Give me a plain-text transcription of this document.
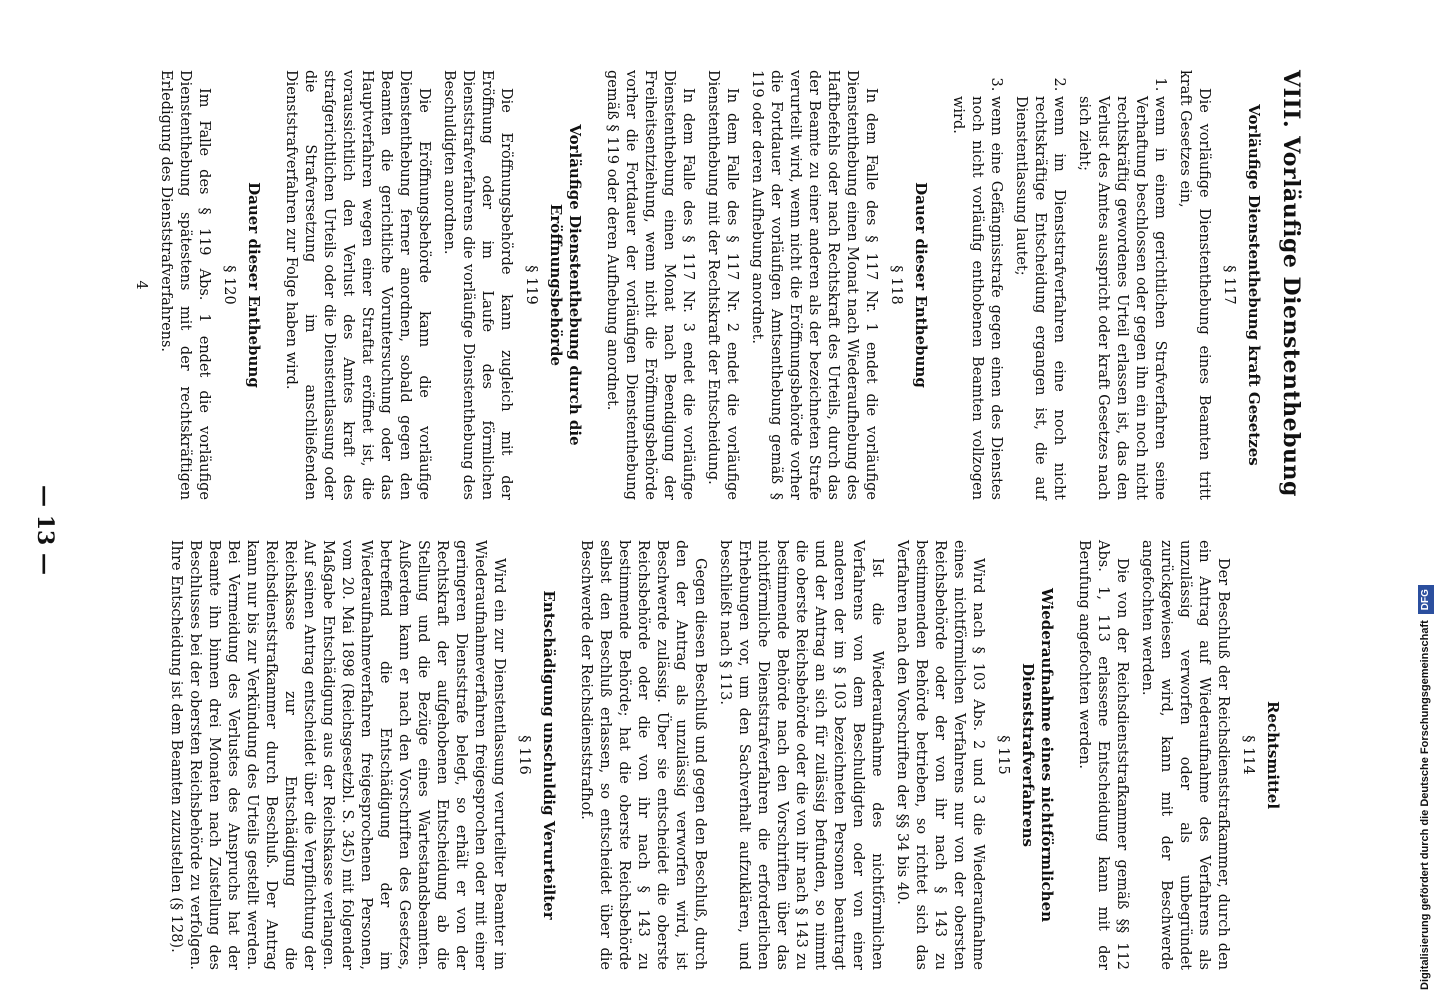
— 13 —
Rechtsmittel
§ 114

Der Beschluß der Reichsdienststrafkammer, durch den ein Antrag auf Wiederaufnahme des Verfahrens als unzulässig verworfen oder als unbegründet zurückgewiesen wird, kann mit der Beschwerde angefochten werden.

Die von der Reichsdienststrafkammer gemäß §§ 112 Abs. 1, 113 erlassene Entscheidung kann mit der Berufung angefochten werden.

Wiederaufnahme eines nichtförmlichen Dienststrafverfahrens
§ 115

Wird nach § 103 Abs. 2 und 3 die Wiederaufnahme eines nichtförmlichen Verfahrens nur von der obersten Reichsbehörde oder der von ihr nach § 143 zu bestimmenden Behörde betrieben, so richtet sich das Verfahren nach den Vorschriften der §§ 34 bis 40.

Ist die Wiederaufnahme des nichtförmlichen Verfahrens von dem Beschuldigten oder von einer anderen der im § 103 bezeichneten Personen beantragt und der Antrag an sich für zulässig befunden, so nimmt die oberste Reichsbehörde oder die von ihr nach § 143 zu bestimmende Behörde nach den Vorschriften über das nichtförmliche Dienststrafverfahren die erforderlichen Erhebungen vor, um den Sachverhalt aufzuklären, und beschließt nach § 113.

Gegen diesen Beschluß und gegen den Beschluß, durch den der Antrag als unzulässig verworfen wird, ist Beschwerde zulässig. Über sie entscheidet die oberste Reichsbehörde oder die von ihr nach § 143 zu bestimmende Behörde; hat die oberste Reichsbehörde selbst den Beschluß erlassen, so entscheidet über die Beschwerde der Reichsdienststrafhof.

Entschädigung unschuldig Verurteilter
§ 116

Wird ein zur Dienstentlassung verurteilter Beamter im Wiederaufnahmeverfahren freigesprochen oder mit einer geringeren Dienststrafe belegt, so erhält er von der Rechtskraft der aufgehobenen Entscheidung ab die Stellung und die Bezüge eines Wartestandsbeamten. Außerdem kann er nach den Vorschriften des Gesetzes, betreffend die Entschädigung der im Wiederaufnahmeverfahren freigesprochenen Personen, vom 20. Mai 1898 (Reichsgesetzbl. S. 345) mit folgender Maßgabe Entschädigung aus der Reichskasse verlangen. Auf seinen Antrag entscheidet über die Verpflichtung der Reichskasse zur Entschädigung die Reichsdienststrafkammer durch Beschluß. Der Antrag kann nur bis zur Verkündung des Urteils gestellt werden. Bei Vermeidung des Verlustes des Anspruchs hat der Beamte ihn binnen drei Monaten nach Zustellung des Beschlusses bei der obersten Reichsbehörde zu verfolgen. Ihre Entscheidung ist dem Beamten zuzustellen (§ 128).

VIII. Vorläufige Dienstenthebung
Vorläufige Dienstenthebung kraft Gesetzes
§ 117

Die vorläufige Dienstenthebung eines Beamten tritt kraft Gesetzes ein,

1. wenn in einem gerichtlichen Strafverfahren seine Verhaftung beschlossen oder gegen ihn ein noch nicht rechtskräftig gewordenes Urteil erlassen ist, das den Verlust des Amtes ausspricht oder kraft Gesetzes nach sich zieht;
2. wenn im Dienststrafverfahren eine noch nicht rechtskräftige Entscheidung ergangen ist, die auf Dienstentlassung lautet;
3. wenn eine Gefängnisstrafe gegen einen des Dienstes noch nicht vorläufig enthobenen Beamten vollzogen wird.
Dauer dieser Enthebung
§ 118

In dem Falle des § 117 Nr. 1 endet die vorläufige Dienstenthebung einen Monat nach Wiederaufhebung des Haftbefehls oder nach Rechtskraft des Urteils, durch das der Beamte zu einer anderen als der bezeichneten Strafe verurteilt wird, wenn nicht die Eröffnungsbehörde vorher die Fortdauer der vorläufigen Amtsenthebung gemäß § 119 oder deren Aufhebung anordnet.

In dem Falle des § 117 Nr. 2 endet die vorläufige Dienstenthebung mit der Rechtskraft der Entscheidung.

In dem Falle des § 117 Nr. 3 endet die vorläufige Dienstenthebung einen Monat nach Beendigung der Freiheitsentziehung, wenn nicht die Eröffnungsbehörde vorher die Fortdauer der vorläufigen Dienstenthebung gemäß § 119 oder deren Aufhebung anordnet.

Vorläufige Dienstenthebung durch die Eröffnungsbehörde
§ 119

Die Eröffnungsbehörde kann zugleich mit der Eröffnung oder im Laufe des förmlichen Dienststrafverfahrens die vorläufige Dienstenthebung des Beschuldigten anordnen.

Die Eröffnungsbehörde kann die vorläufige Dienstenthebung ferner anordnen, sobald gegen den Beamten die gerichtliche Voruntersuchung oder das Hauptverfahren wegen einer Straftat eröffnet ist, die voraussichtlich den Verlust des Amtes kraft des strafgerichtlichen Urteils oder die Dienstentlassung oder die Strafversetzung im anschließenden Dienststrafverfahren zur Folge haben wird.

Dauer dieser Enthebung
§ 120

Im Falle des § 119 Abs. 1 endet die vorläufige Dienstenthebung spätestens mit der rechtskräftigen Erledigung des Dienststrafverfahrens.

4
Digitalisierung gefördert durch die Deutsche ForschungsgemeinschaftDFG
